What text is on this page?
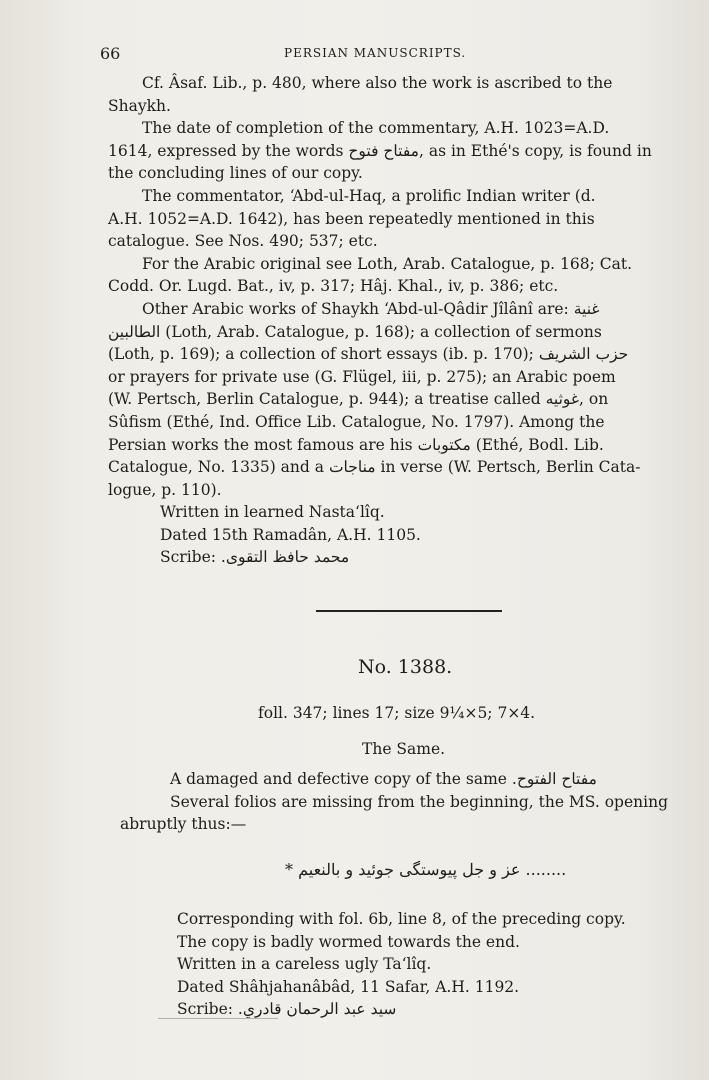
66	PERSIAN MANUSCRIPTS.

Cf. Âsaf. Lib., p. 480, where also the work is ascribed to the

Shaykh.

The date of completion of the commentary, A.H. 1023=A.D.

1614, expressed by the words مفتاح فتوح, as in Ethé's copy, is found in

the concluding lines of our copy.

The commentator, ‘Abd-ul-Haq, a prolific Indian writer (d.

A.H. 1052=A.D. 1642), has been repeatedly mentioned in this

catalogue. See Nos. 490; 537; etc.

For the Arabic original see Loth, Arab. Catalogue, p. 168; Cat.

Codd. Or. Lugd. Bat., iv, p. 317; Hâj. Khal., iv, p. 386; etc.

Other Arabic works of Shaykh ‘Abd-ul-Qâdir Jîlânî are: غنية

الطالبين (Loth, Arab. Catalogue, p. 168); a collection of sermons

(Loth, p. 169); a collection of short essays (ib. p. 170); حزب الشريف

or prayers for private use (G. Flügel, iii, p. 275); an Arabic poem

(W. Pertsch, Berlin Catalogue, p. 944); a treatise called غوثيه, on

Sûfism (Ethé, Ind. Office Lib. Catalogue, No. 1797). Among the

Persian works the most famous are his مكتوبات (Ethé, Bodl. Lib.

Catalogue, No. 1335) and a مناجات in verse (W. Pertsch, Berlin Cata-

logue, p. 110).

Written in learned Nasta‘lîq.

Dated 15th Ramadân, A.H. 1105.

Scribe: محمد حافظ التقوى.

No. 1388.
foll. 347; lines 17; size 9¼×5; 7×4.
The Same.

A damaged and defective copy of the same مفتاح الفتوح.

Several folios are missing from the beginning, the MS. opening

abruptly thus:—

........ عز و جل پيوستگی جوئيد و بالنعيم *

Corresponding with fol. 6b, line 8, of the preceding copy.

The copy is badly wormed towards the end.

Written in a careless ugly Ta‘lîq.

Dated Shâhjahanâbâd, 11 Safar, A.H. 1192.

Scribe: سيد عبد الرحمان قادري.
